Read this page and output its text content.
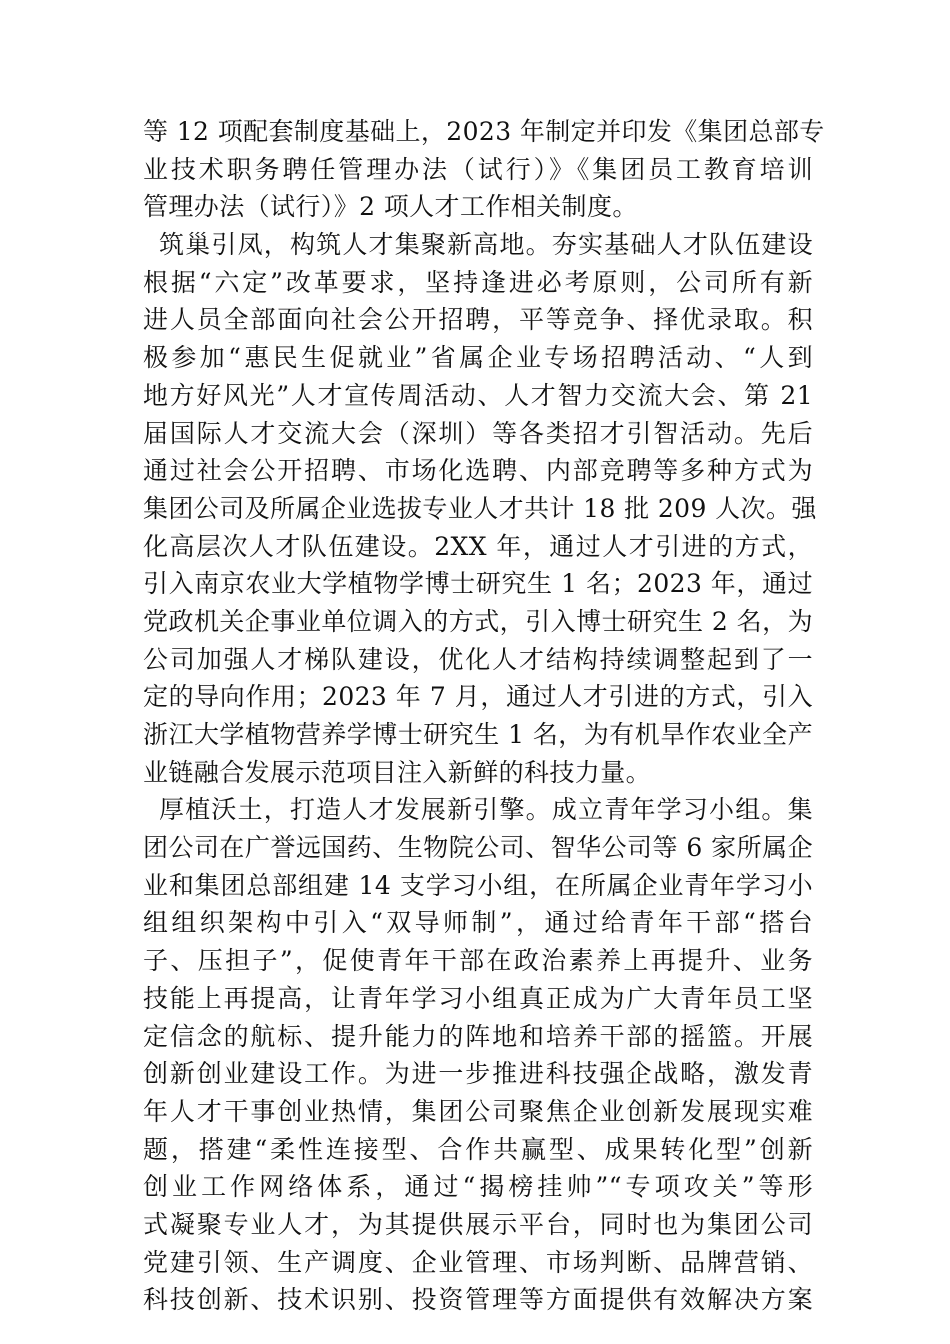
等 12 项配套制度基础上，2023 年制定并印发《集团总部专
业技术职务聘任管理办法（试行）》《集团员工教育培训
管理办法（试行）》2 项人才工作相关制度。
筑巢引凤，构筑人才集聚新高地。夯实基础人才队伍建设
根据“六定”改革要求，坚持逢进必考原则，公司所有新
进人员全部面向社会公开招聘，平等竞争、择优录取。积
极参加“惠民生促就业”省属企业专场招聘活动、“人到
地方好风光”人才宣传周活动、人才智力交流大会、第 21
届国际人才交流大会（深圳）等各类招才引智活动。先后
通过社会公开招聘、市场化选聘、内部竞聘等多种方式为
集团公司及所属企业选拔专业人才共计 18 批 209 人次。强
化高层次人才队伍建设。2XX 年，通过人才引进的方式，
引入南京农业大学植物学博士研究生 1 名；2023 年，通过
党政机关企事业单位调入的方式，引入博士研究生 2 名，为
公司加强人才梯队建设，优化人才结构持续调整起到了一
定的导向作用；2023 年 7 月，通过人才引进的方式，引入
浙江大学植物营养学博士研究生 1 名，为有机旱作农业全产
业链融合发展示范项目注入新鲜的科技力量。
厚植沃土，打造人才发展新引擎。成立青年学习小组。集
团公司在广誉远国药、生物院公司、智华公司等 6 家所属企
业和集团总部组建 14 支学习小组，在所属企业青年学习小
组组织架构中引入“双导师制”，通过给青年干部“搭台
子、压担子”，促使青年干部在政治素养上再提升、业务
技能上再提高，让青年学习小组真正成为广大青年员工坚
定信念的航标、提升能力的阵地和培养干部的摇篮。开展
创新创业建设工作。为进一步推进科技强企战略，激发青
年人才干事创业热情，集团公司聚焦企业创新发展现实难
题，搭建“柔性连接型、合作共赢型、成果转化型”创新
创业工作网络体系，通过“揭榜挂帅”“专项攻关”等形
式凝聚专业人才，为其提供展示平台，同时也为集团公司
党建引领、生产调度、企业管理、市场判断、品牌营销、
科技创新、技术识别、投资管理等方面提供有效解决方案
